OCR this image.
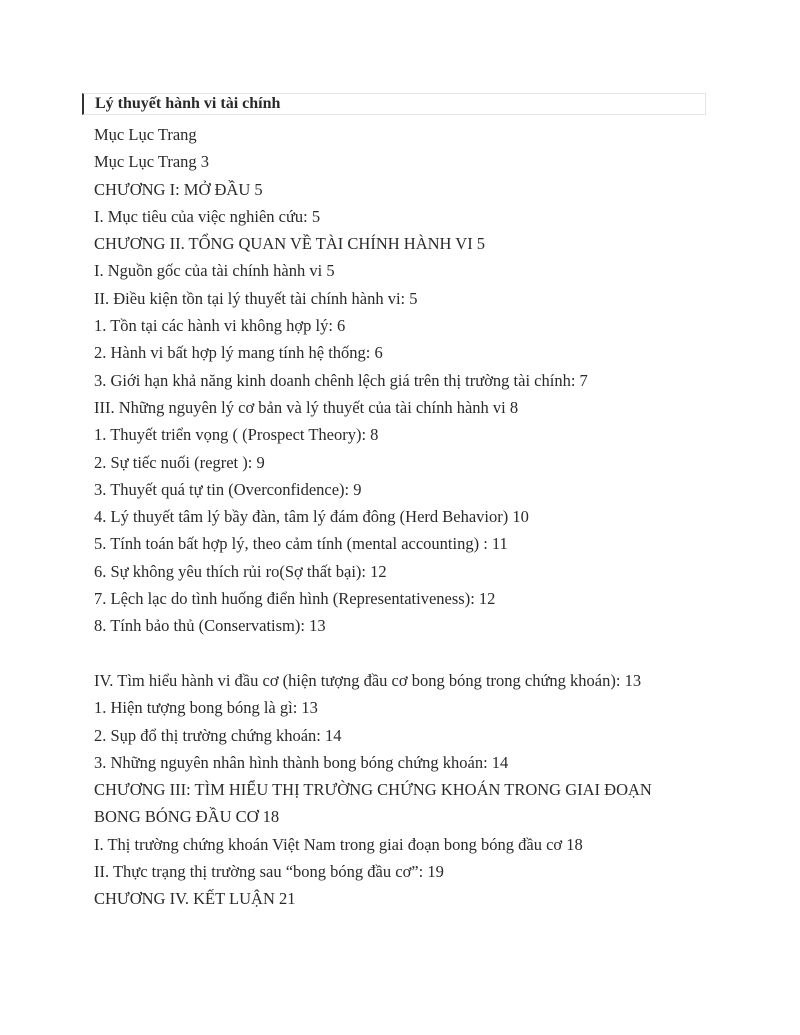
Lý thuyết hành vi tài chính
Mục Lục Trang
Mục Lục Trang 3
CHƯƠNG I: MỞ ĐẦU 5
I. Mục tiêu của việc nghiên cứu: 5
CHƯƠNG II. TỔNG QUAN VỀ TÀI CHÍNH HÀNH VI 5
I. Nguồn gốc của tài chính hành vi 5
II. Điều kiện tồn tại lý thuyết tài chính hành vi: 5
1. Tồn tại các hành vi không hợp lý: 6
2. Hành vi bất hợp lý mang tính hệ thống: 6
3. Giới hạn khả năng kinh doanh chênh lệch giá trên thị trường tài chính: 7
III. Những nguyên lý cơ bản và lý thuyết của tài chính hành vi 8
1. Thuyết triển vọng ( (Prospect Theory): 8
2. Sự tiếc nuối (regret ): 9
3. Thuyết quá tự tin (Overconfidence): 9
4. Lý thuyết tâm lý bầy đàn, tâm lý đám đông (Herd Behavior) 10
5. Tính toán bất hợp lý, theo cảm tính (mental accounting) : 11
6. Sự không yêu thích rủi ro(Sợ thất bại): 12
7. Lệch lạc do tình huống điển hình (Representativeness): 12
8. Tính bảo thủ (Conservatism): 13
IV. Tìm hiểu hành vi đầu cơ (hiện tượng đầu cơ bong bóng trong chứng khoán): 13
1. Hiện tượng bong bóng là gì: 13
2. Sụp đổ thị trường chứng khoán: 14
3. Những nguyên nhân hình thành bong bóng chứng khoán: 14
CHƯƠNG III: TÌM HIỂU THỊ TRƯỜNG CHỨNG KHOÁN TRONG GIAI ĐOẠN
BONG BÓNG ĐẦU CƠ 18
I. Thị trường chứng khoán Việt Nam trong giai đoạn bong bóng đầu cơ 18
II. Thực trạng thị trường sau “bong bóng đầu cơ”: 19
CHƯƠNG IV. KẾT LUẬN 21
